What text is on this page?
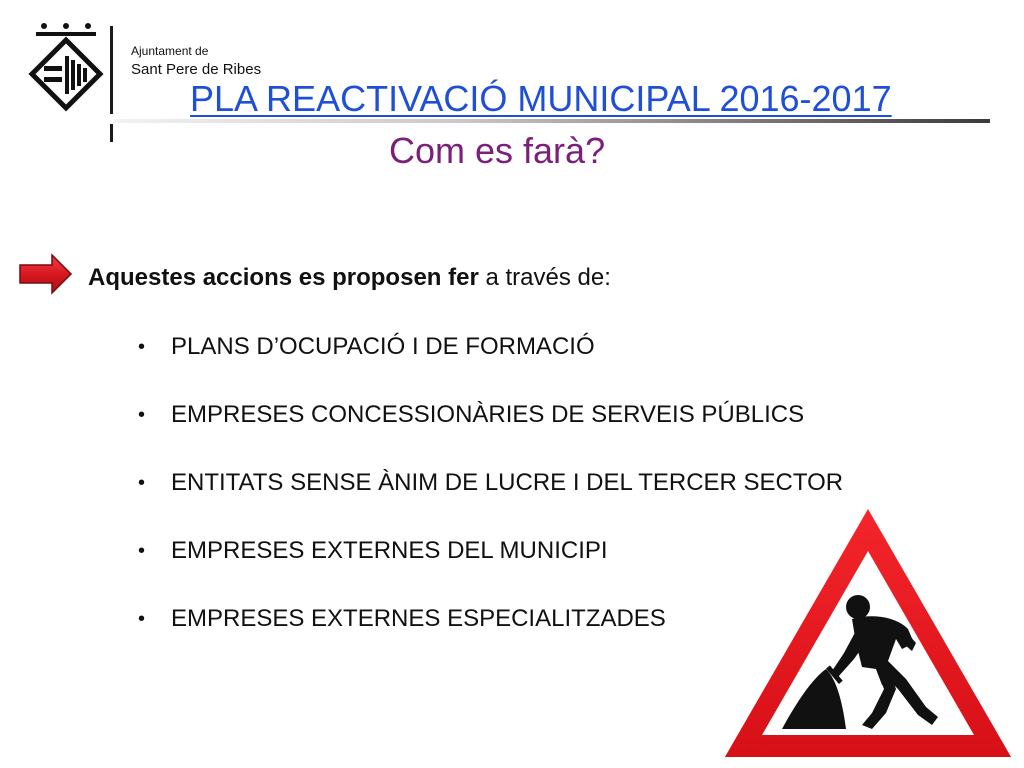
Ajuntament de
Sant Pere de Ribes
PLA REACTIVACIÓ MUNICIPAL 2016-2017
Com es farà?
Aquestes accions es proposen fer a través de:
• PLANS D’OCUPACIÓ I DE FORMACIÓ
• EMPRESES CONCESSIONÀRIES DE SERVEIS PÚBLICS
• ENTITATS SENSE ÀNIM DE LUCRE I DEL TERCER SECTOR
• EMPRESES EXTERNES DEL MUNICIPI
• EMPRESES EXTERNES ESPECIALITZADES
